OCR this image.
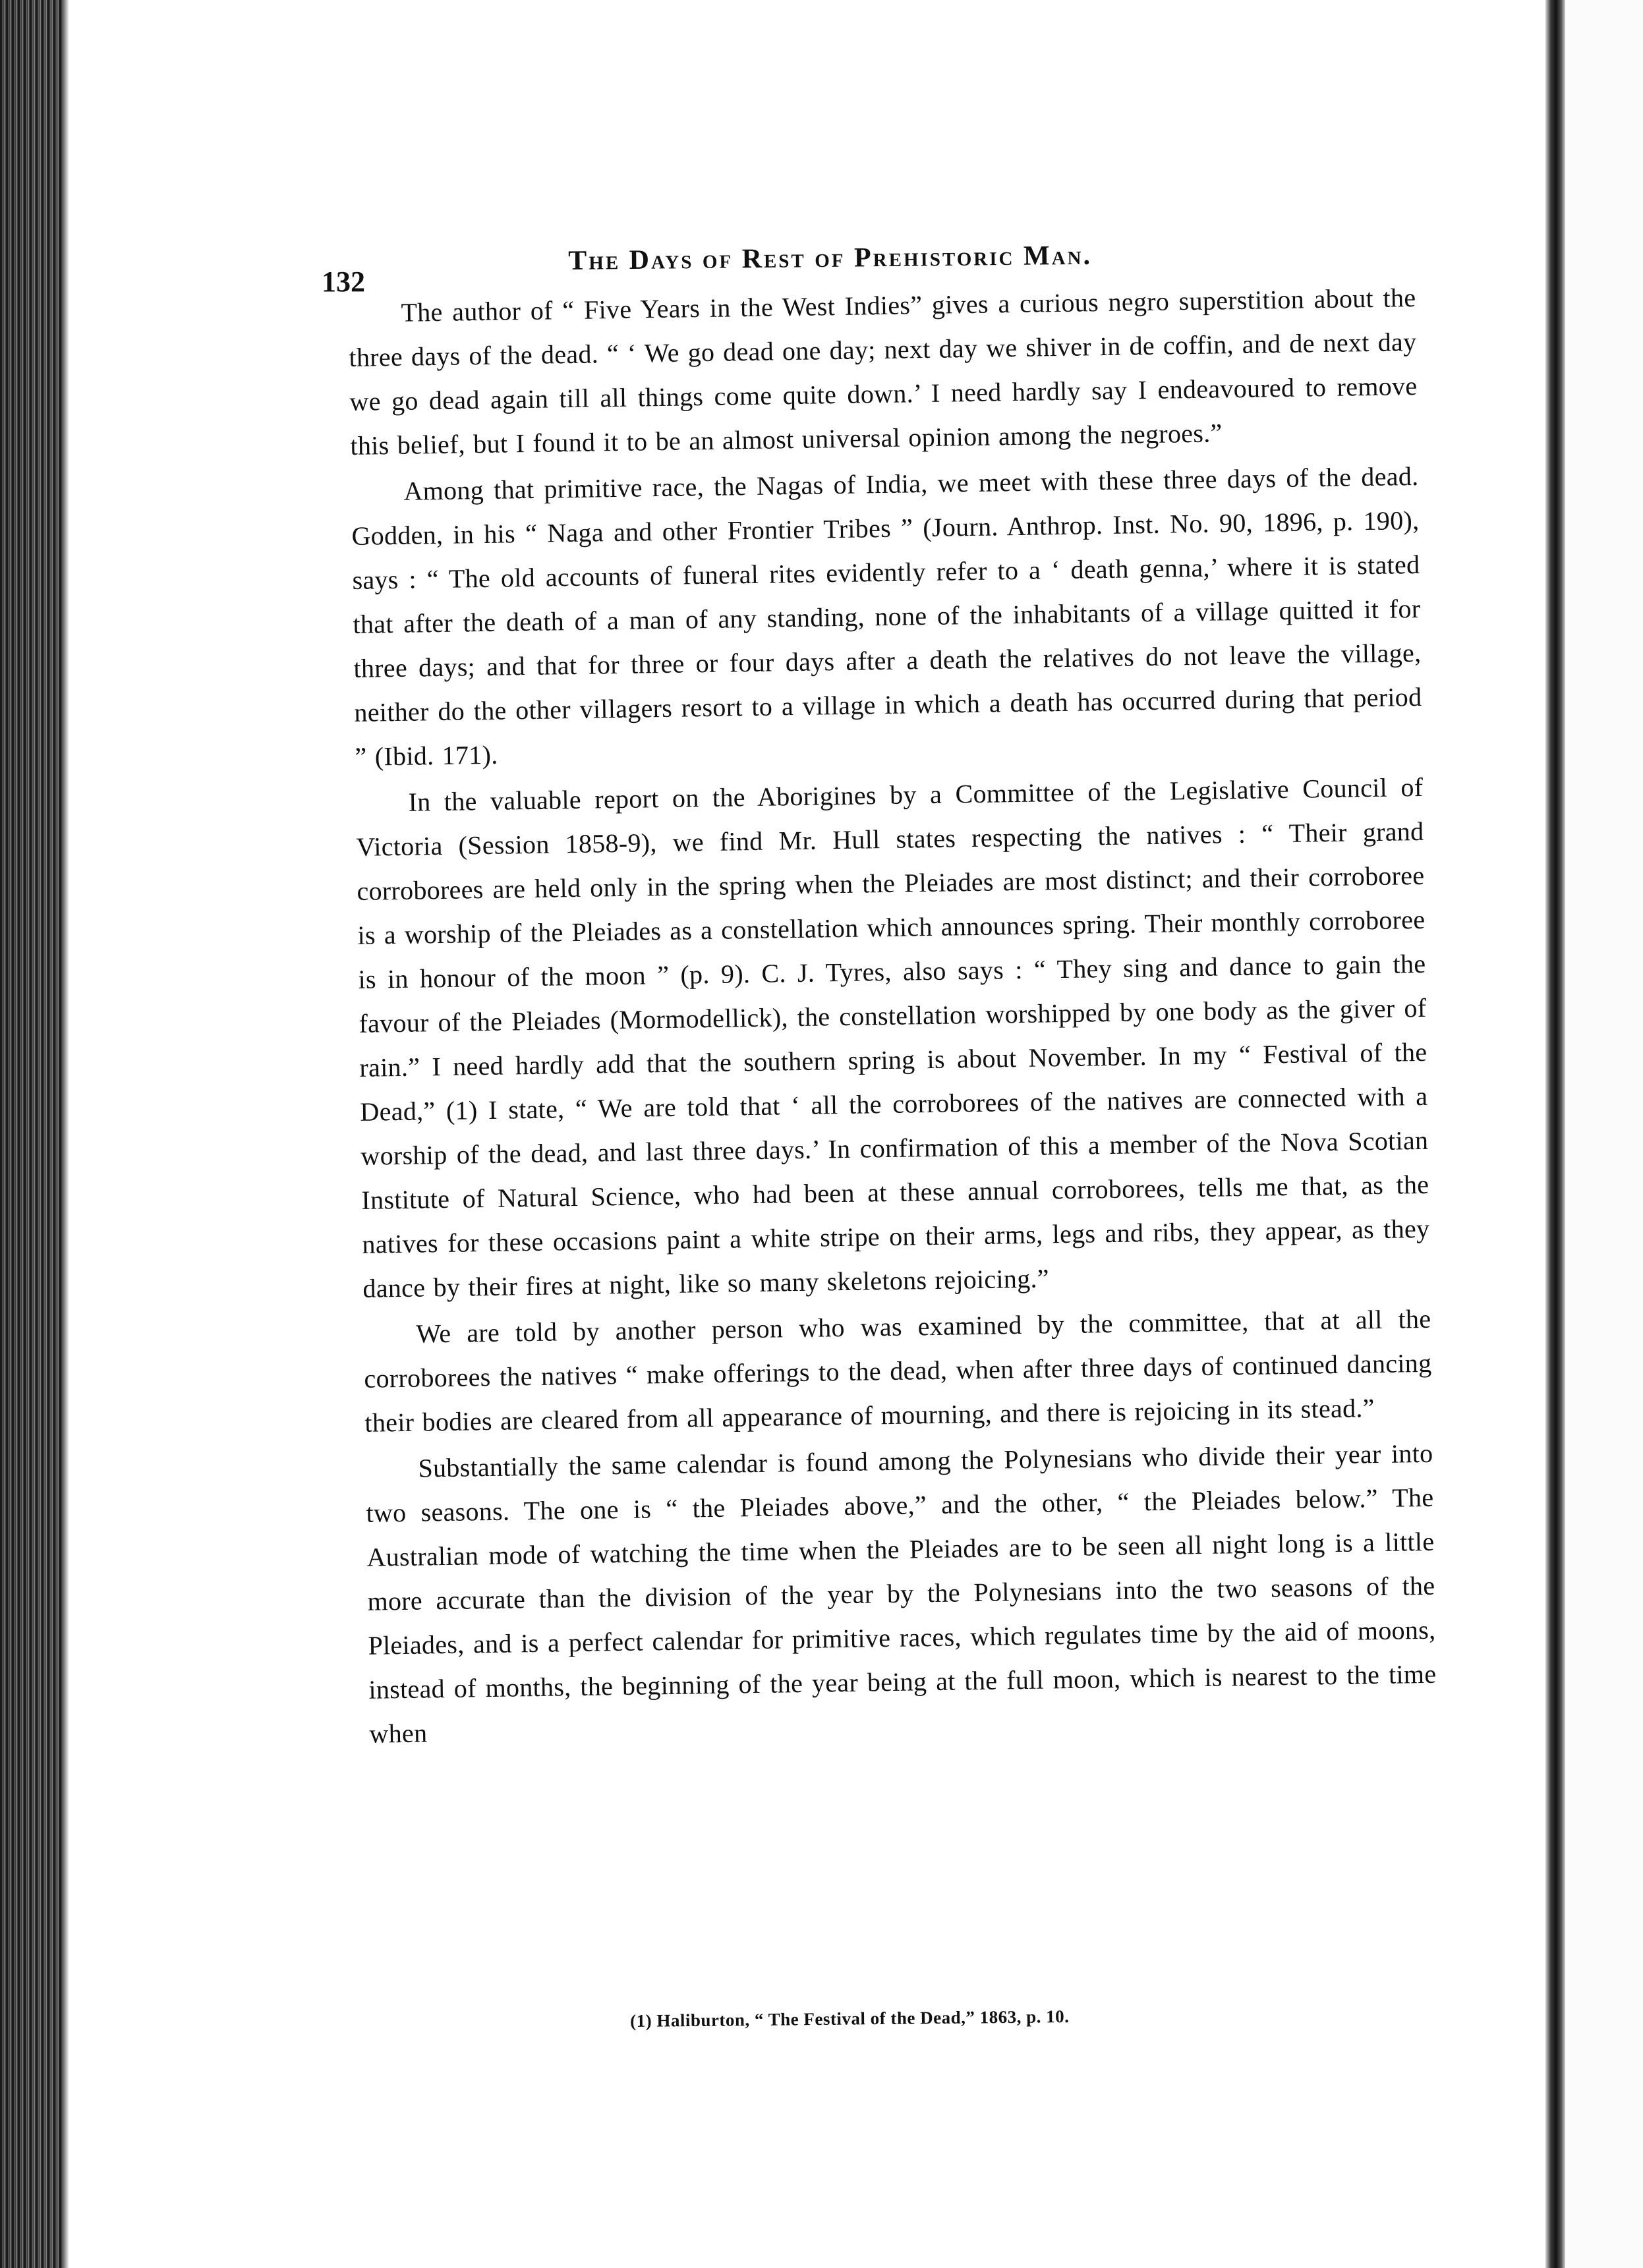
132
The Days of Rest of Prehistoric Man.

The author of “ Five Years in the West Indies” gives a curious negro superstition about the three days of the dead. “ ‘ We go dead one day; next day we shiver in de coffin, and de next day we go dead again till all things come quite down.’ I need hardly say I endeavoured to remove this belief, but I found it to be an almost universal opinion among the negroes.”

Among that primitive race, the Nagas of India, we meet with these three days of the dead. Godden, in his “ Naga and other Frontier Tribes ” (Journ. Anthrop. Inst. No. 90, 1896, p. 190), says : “ The old accounts of funeral rites evidently refer to a ‘ death genna,’ where it is stated that after the death of a man of any standing, none of the inhabitants of a village quitted it for three days; and that for three or four days after a death the relatives do not leave the village, neither do the other villagers resort to a village in which a death has occurred during that period ” (Ibid. 171).

In the valuable report on the Aborigines by a Committee of the Legislative Council of Victoria (Session 1858-9), we find Mr. Hull states respecting the natives : “ Their grand corroborees are held only in the spring when the Pleiades are most distinct; and their corroboree is a worship of the Pleiades as a constellation which announces spring. Their monthly corroboree is in honour of the moon ” (p. 9). C. J. Tyres, also says : “ They sing and dance to gain the favour of the Pleiades (Mormodellick), the constellation worshipped by one body as the giver of rain.” I need hardly add that the southern spring is about November. In my “ Festival of the Dead,” (1) I state, “ We are told that ‘ all the corroborees of the natives are connected with a worship of the dead, and last three days.’ In confirmation of this a member of the Nova Scotian Institute of Natural Science, who had been at these annual corroborees, tells me that, as the natives for these occasions paint a white stripe on their arms, legs and ribs, they appear, as they dance by their fires at night, like so many skeletons rejoicing.”

We are told by another person who was examined by the committee, that at all the corroborees the natives “ make offerings to the dead, when after three days of continued dancing their bodies are cleared from all appearance of mourning, and there is rejoicing in its stead.”

Substantially the same calendar is found among the Polynesians who divide their year into two seasons. The one is “ the Pleiades above,” and the other, “ the Pleiades below.” The Australian mode of watching the time when the Pleiades are to be seen all night long is a little more accurate than the division of the year by the Polynesians into the two seasons of the Pleiades, and is a perfect calendar for primitive races, which regulates time by the aid of moons, instead of months, the beginning of the year being at the full moon, which is nearest to the time when

(1) Haliburton, “ The Festival of the Dead,” 1863, p. 10.
